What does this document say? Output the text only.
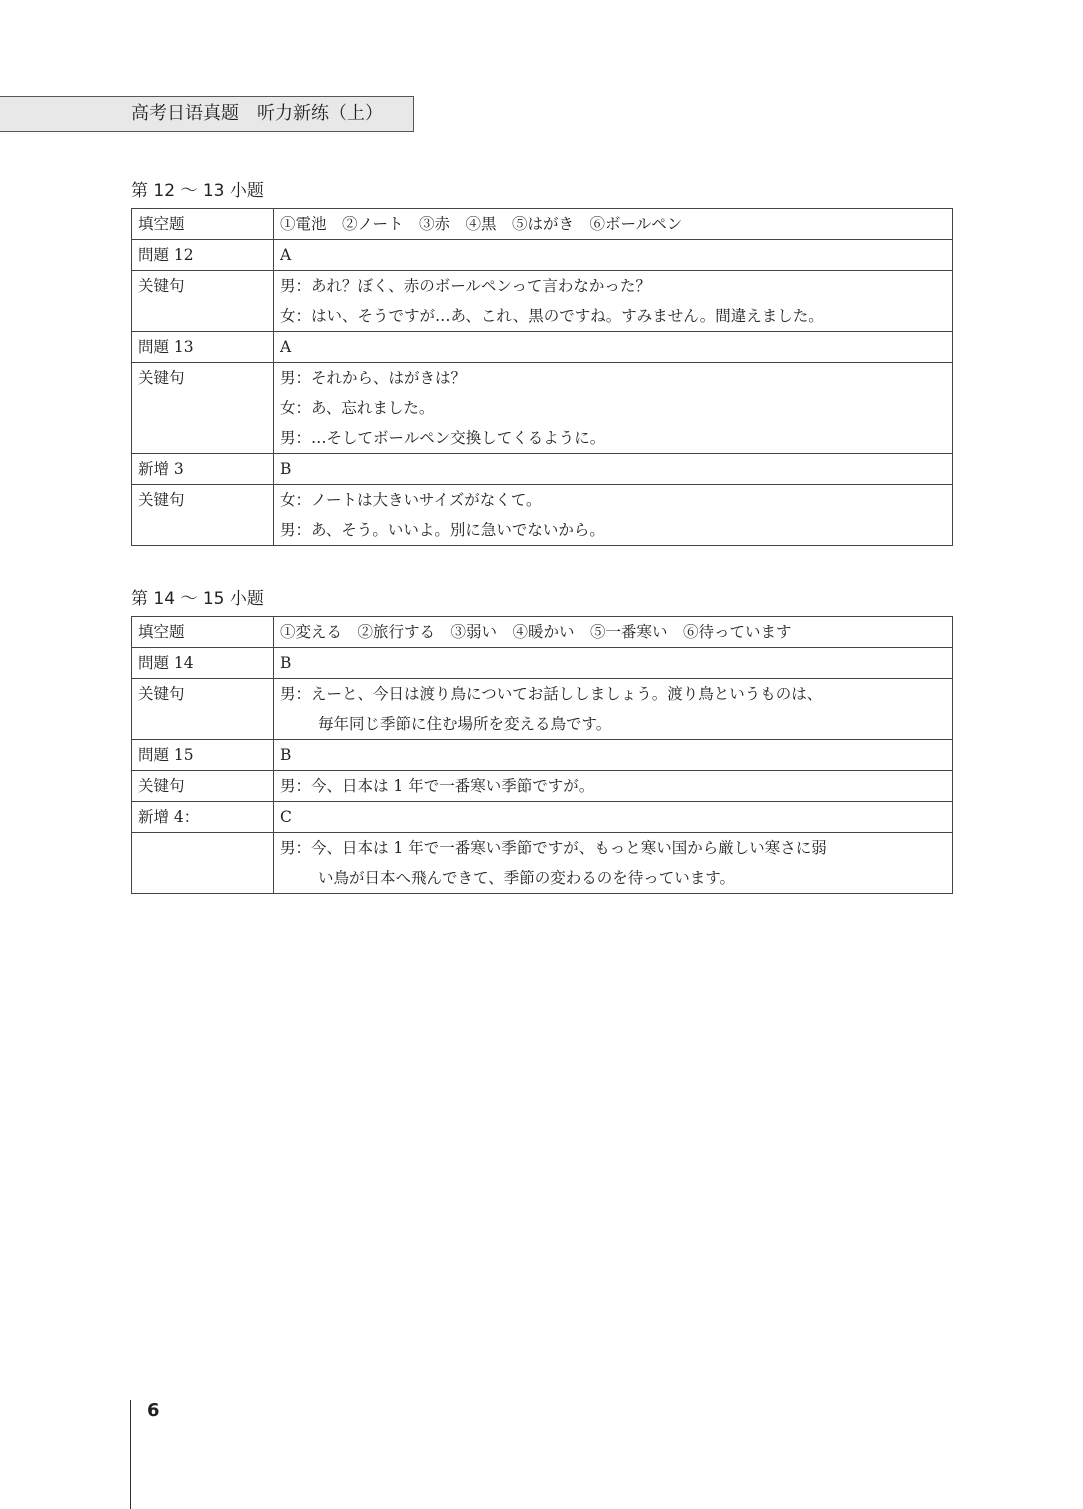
高考日语真题　听力新练（上）
第 12 ～ 13 小题
填空题	①電池　②ノート　③赤　④黒　⑤はがき　⑥ボールペン

問題 12	A

关键句	男：あれ？ぼく、赤のボールペンって言わなかった？
女：はい、そうですが…あ、これ、黒のですね。すみません。間違えました。

問題 13	A

关键句	男：それから、はがきは？
女：あ、忘れました。
男：…そしてボールペン交換してくるように。

新增 3	B

关键句	女：ノートは大きいサイズがなくて。
男：あ、そう。いいよ。別に急いでないから。
第 14 ～ 15 小题
填空题	①変える　②旅行する　③弱い　④暖かい　⑤一番寒い　⑥待っています

問題 14	B

关键句	男：えーと、今日は渡り鳥についてお話ししましょう。渡り鳥というものは、
毎年同じ季節に住む場所を変える鳥です。

問題 15	B

关键句	男：今、日本は 1 年で一番寒い季節ですが。

新增 4：	C

	男：今、日本は 1 年で一番寒い季節ですが、もっと寒い国から厳しい寒さに弱
い鳥が日本へ飛んできて、季節の変わるのを待っています。
6
